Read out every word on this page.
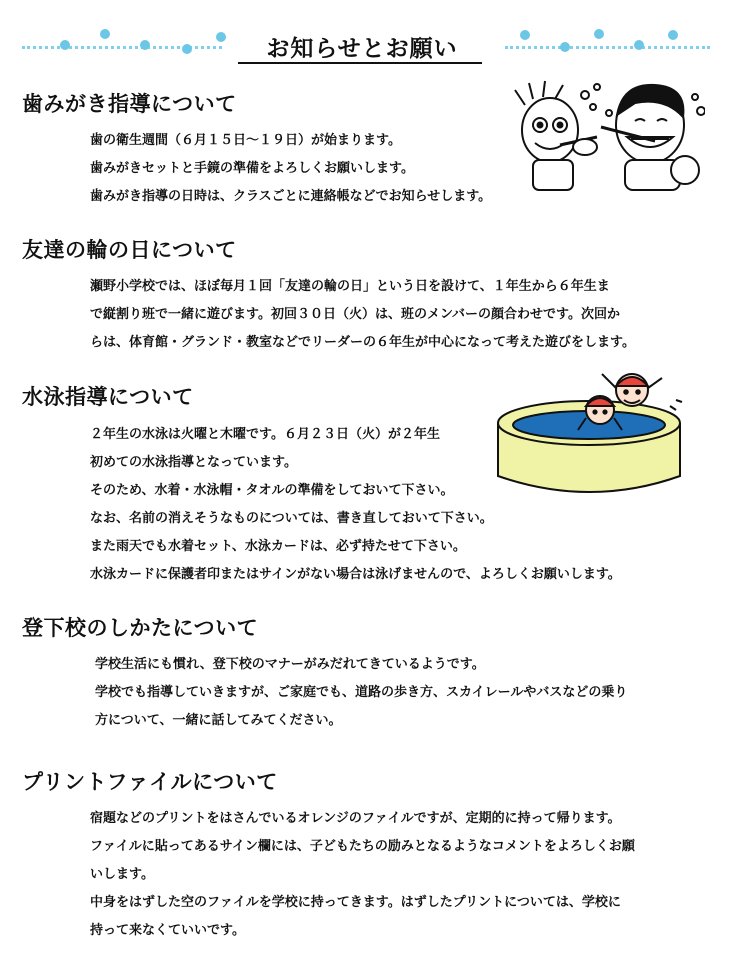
お知らせとお願い
歯みがき指導について
歯の衛生週間（６月１５日～１９日）が始まります。
歯みがきセットと手鏡の準備をよろしくお願いします。
歯みがき指導の日時は、クラスごとに連絡帳などでお知らせします。
友達の輪の日について
瀬野小学校では、ほぼ毎月１回「友達の輪の日」という日を設けて、１年生から６年生ま
で縦割り班で一緒に遊びます。初回３０日（火）は、班のメンバーの顔合わせです。次回か
らは、体育館・グランド・教室などでリーダーの６年生が中心になって考えた遊びをします。
水泳指導について
２年生の水泳は火曜と木曜です。６月２３日（火）が２年生
初めての水泳指導となっています。
そのため、水着・水泳帽・タオルの準備をしておいて下さい。
なお、名前の消えそうなものについては、書き直しておいて下さい。
また雨天でも水着セット、水泳カードは、必ず持たせて下さい。
水泳カードに保護者印またはサインがない場合は泳げませんので、よろしくお願いします。
登下校のしかたについて
学校生活にも慣れ、登下校のマナーがみだれてきているようです。
学校でも指導していきますが、ご家庭でも、道路の歩き方、スカイレールやバスなどの乗り
方について、一緒に話してみてください。
プリントファイルについて
宿題などのプリントをはさんでいるオレンジのファイルですが、定期的に持って帰ります。
ファイルに貼ってあるサイン欄には、子どもたちの励みとなるようなコメントをよろしくお願
いします。
中身をはずした空のファイルを学校に持ってきます。はずしたプリントについては、学校に
持って来なくていいです。
